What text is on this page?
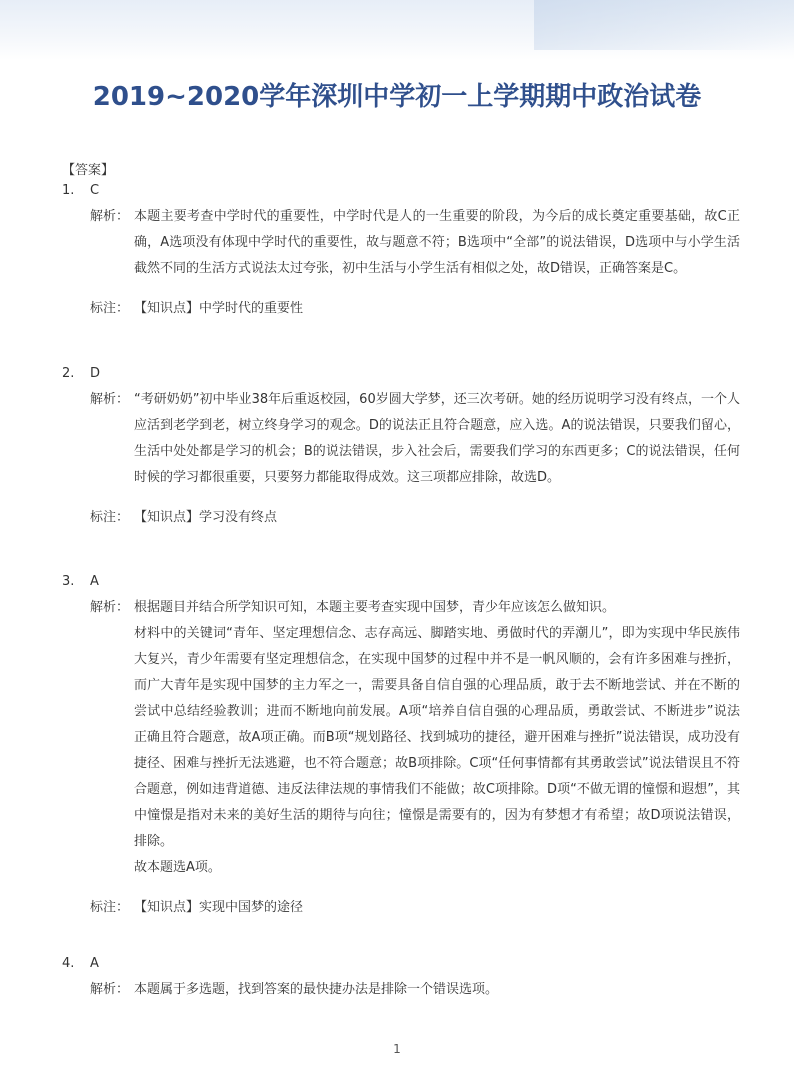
2019~2020学年深圳中学初一上学期期中政治试卷
【答案】
1. C
解析： 本题主要考查中学时代的重要性，中学时代是人的一生重要的阶段，为今后的成长奠定重要基础，故C正确，A选项没有体现中学时代的重要性，故与题意不符；B选项中“全部”的说法错误，D选项中与小学生活截然不同的生活方式说法太过夸张，初中生活与小学生活有相似之处，故D错误，正确答案是C。

标注： 【知识点】中学时代的重要性
2. D
解析： “考研奶奶”初中毕业38年后重返校园，60岁圆大学梦，还三次考研。她的经历说明学习没有终点，一个人应活到老学到老，树立终身学习的观念。D的说法正且符合题意，应入选。A的说法错误，只要我们留心，生活中处处都是学习的机会；B的说法错误，步入社会后，需要我们学习的东西更多；C的说法错误，任何时候的学习都很重要，只要努力都能取得成效。这三项都应排除，故选D。

标注： 【知识点】学习没有终点
3. A
解析： 根据题目并结合所学知识可知，本题主要考查实现中国梦，青少年应该怎么做知识。

材料中的关键词“青年、坚定理想信念、志存高远、脚踏实地、勇做时代的弄潮儿”，即为实现中华民族伟大复兴，青少年需要有坚定理想信念，在实现中国梦的过程中并不是一帆风顺的，会有许多困难与挫折，而广大青年是实现中国梦的主力军之一，需要具备自信自强的心理品质，敢于去不断地尝试、并在不断的尝试中总结经验教训；进而不断地向前发展。A项“培养自信自强的心理品质，勇敢尝试、不断进步”说法正确且符合题意，故A项正确。而B项“规划路径、找到城功的捷径，避开困难与挫折”说法错误，成功没有捷径、困难与挫折无法逃避，也不符合题意；故B项排除。C项“任何事情都有其勇敢尝试”说法错误且不符合题意，例如违背道德、违反法律法规的事情我们不能做；故C项排除。D项“不做无谓的憧憬和遐想”，其中憧憬是指对未来的美好生活的期待与向往；憧憬是需要有的，因为有梦想才有希望；故D项说法错误，排除。

故本题选A项。

标注： 【知识点】实现中国梦的途径
4. A
解析： 本题属于多选题，找到答案的最快捷办法是排除一个错误选项。

1
